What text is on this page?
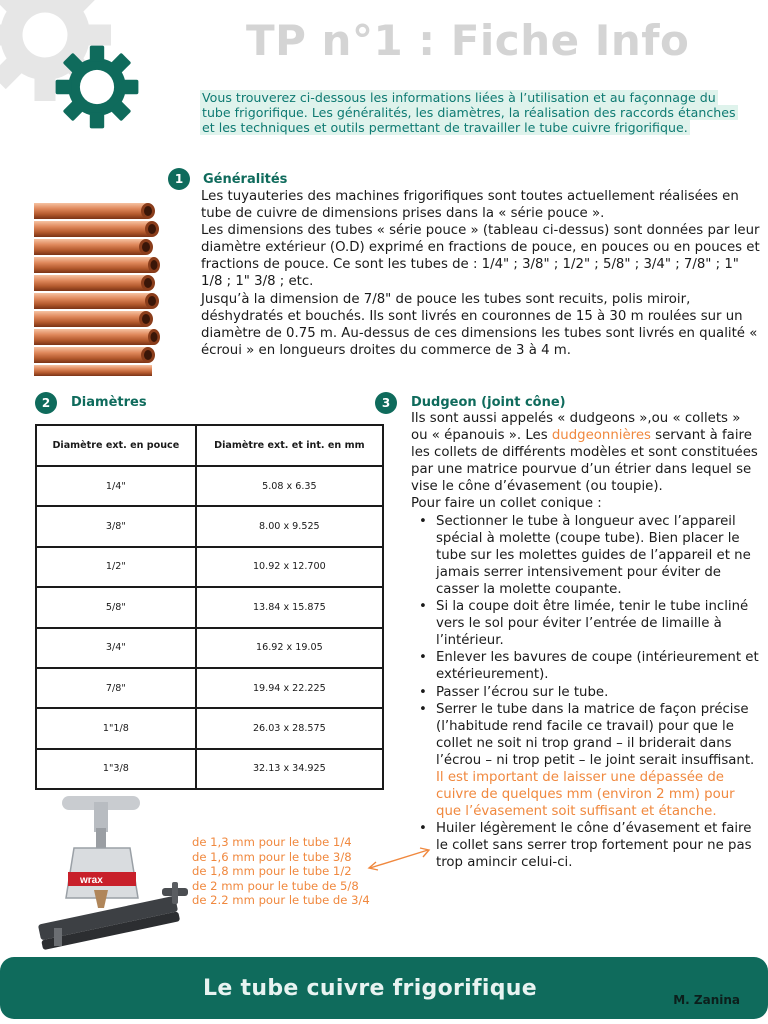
TP n°1 : Fiche Info
Vous trouverez ci-dessous les informations liées à l’utilisation et au façonnage du tube frigorifique. Les généralités, les diamètres, la réalisation des raccords étanches et les techniques et outils permettant de travailler le tube cuivre frigorifique.
1	Généralités

Les tuyauteries des machines frigorifiques sont toutes actuellement réalisées en tube de cuivre de dimensions prises dans la « série pouce ».

Les dimensions des tubes « série pouce » (tableau ci-dessus) sont données par leur diamètre extérieur (O.D) exprimé en fractions de pouce, en pouces ou en pouces et fractions de pouce. Ce sont les tubes de : 1/4" ; 3/8" ; 1/2" ; 5/8" ; 3/4" ; 7/8" ; 1" 1/8 ; 1" 3/8 ; etc.

Jusqu’à la dimension de 7/8" de pouce les tubes sont recuits, polis miroir, déshydratés et bouchés. Ils sont livrés en couronnes de 15 à 30 m roulées sur un diamètre de 0.75 m. Au-dessus de ces dimensions les tubes sont livrés en qualité « écroui » en longueurs droites du commerce de 3 à 4 m.

2	Diamètres
Diamètre ext. en pouce	Diamètre ext. et int. en mm
1/4"	5.08 x 6.35
3/8"	8.00 x 9.525
1/2"	10.92 x 12.700
5/8"	13.84 x 15.875
3/4"	16.92 x 19.05
7/8"	19.94 x 22.225
1"1/8	26.03 x 28.575
1"3/8	32.13 x 34.925
3	Dudgeon (joint cône)

Ils sont aussi appelés « dudgeons »,ou « collets » ou « épanouis ». Les dudgeonnières servant à faire les collets de différents modèles et sont constituées par une matrice pourvue d’un étrier dans lequel se vise le cône d’évasement (ou toupie).

Pour faire un collet conique :

• Sectionner le tube à longueur avec l’appareil spécial à molette (coupe tube). Bien placer le tube sur les molettes guides de l’appareil et ne jamais serrer intensivement pour éviter de casser la molette coupante.
• Si la coupe doit être limée, tenir le tube incliné vers le sol pour éviter l’entrée de limaille à l’intérieur.
• Enlever les bavures de coupe (intérieurement et extérieurement).
• Passer l’écrou sur le tube.
• Serrer le tube dans la matrice de façon précise (l’habitude rend facile ce travail) pour que le collet ne soit ni trop grand – il briderait dans l’écrou – ni trop petit – le joint serait insuffisant. Il est important de laisser une dépassée de cuivre de quelques mm (environ 2 mm) pour que l’évasement soit suffisant et étanche.
• Huiler légèrement le cône d’évasement et faire le collet sans serrer trop fortement pour ne pas trop amincir celui-ci.
wrax
de 1,3 mm pour le tube 1/4
de 1,6 mm pour le tube 3/8
de 1,8 mm pour le tube 1/2
de 2 mm pour le tube de 5/8
de 2.2 mm pour le tube de 3/4
Le tube cuivre frigorifique	M. Zanina
